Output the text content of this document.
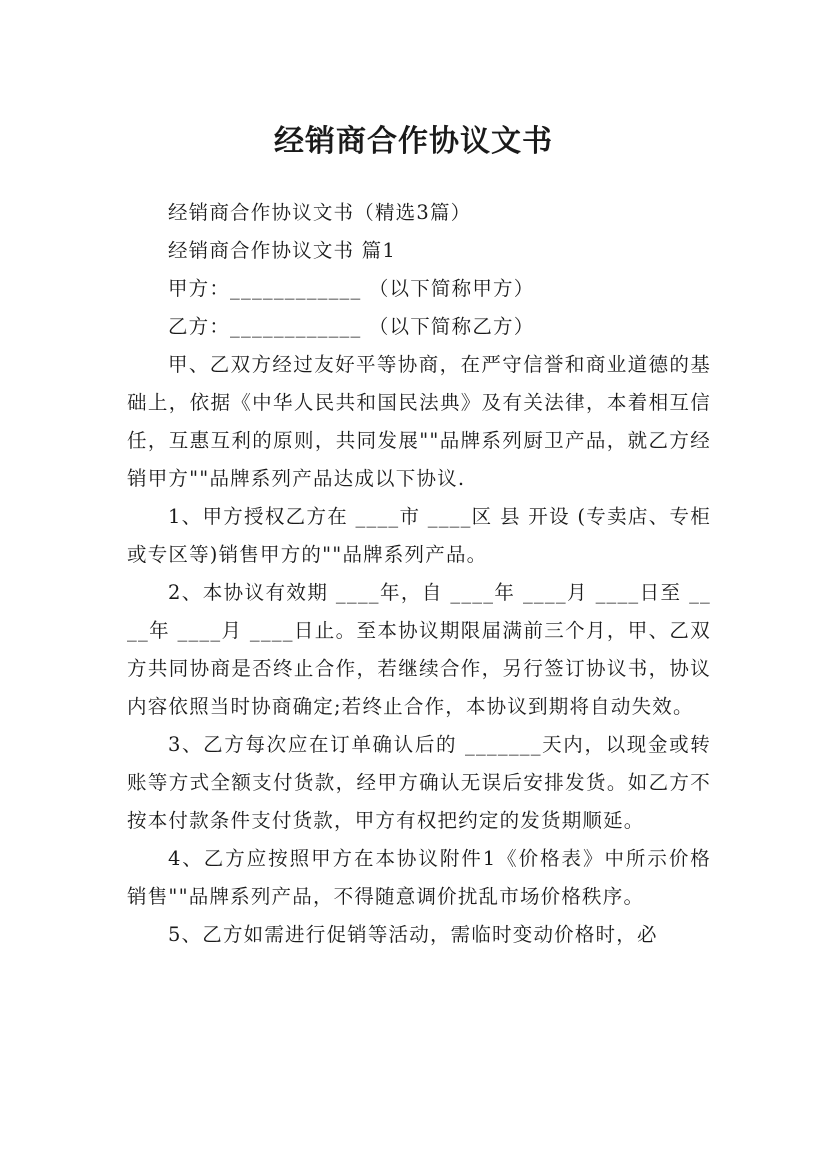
经销商合作协议文书

经销商合作协议文书（精选3篇）

经销商合作协议文书 篇1

甲方：____________ （以下简称甲方）

乙方：____________ （以下简称乙方）

甲、乙双方经过友好平等协商，在严守信誉和商业道德的基础上，依据《中华人民共和国民法典》及有关法律，本着相互信任，互惠互利的原则，共同发展""品牌系列厨卫产品，就乙方经销甲方""品牌系列产品达成以下协议.

1、甲方授权乙方在 ____市 ____区 县 开设 (专卖店、专柜或专区等)销售甲方的""品牌系列产品。

2、本协议有效期 ____年，自 ____年 ____月 ____日至 ____年 ____月 ____日止。至本协议期限届满前三个月，甲、乙双方共同协商是否终止合作，若继续合作，另行签订协议书，协议内容依照当时协商确定;若终止合作，本协议到期将自动失效。

3、乙方每次应在订单确认后的 _______天内，以现金或转账等方式全额支付货款，经甲方确认无误后安排发货。如乙方不按本付款条件支付货款，甲方有权把约定的发货期顺延。

4、乙方应按照甲方在本协议附件1《价格表》中所示价格销售""品牌系列产品，不得随意调价扰乱市场价格秩序。

5、乙方如需进行促销等活动，需临时变动价格时，必
